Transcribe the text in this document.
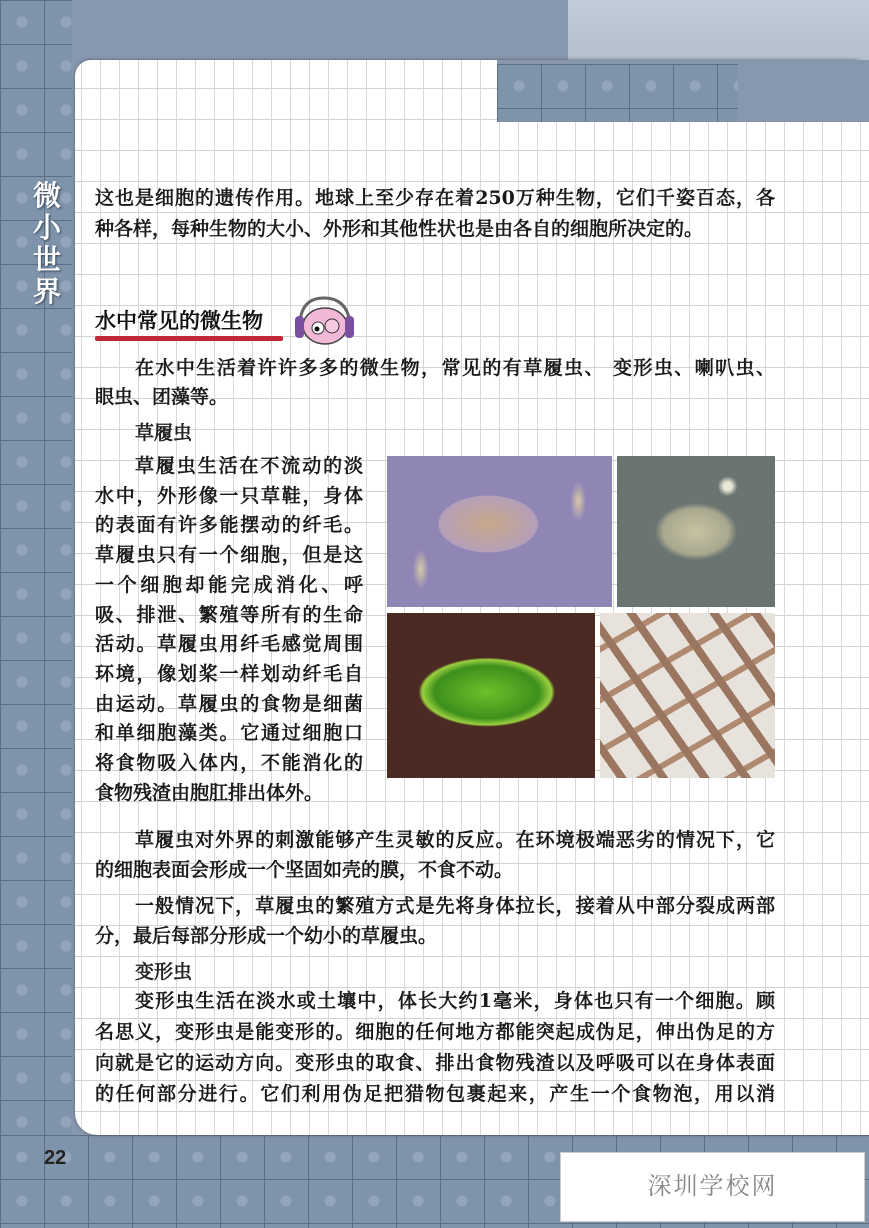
微小世界
22
深圳学校网
这也是细胞的遗传作用。地球上至少存在着250万种生物，它们千姿百态，各
种各样，每种生物的大小、外形和其他性状也是由各自的细胞所决定的。
水中常见的微生物
在水中生活着许许多多的微生物，常见的有草履虫、 变形虫、喇叭虫、
眼虫、团藻等。
草履虫
草履虫生活在不流动的淡
水中，外形像一只草鞋，身体
的表面有许多能摆动的纤毛。
草履虫只有一个细胞，但是这
一个细胞却能完成消化、呼
吸、排泄、繁殖等所有的生命
活动。草履虫用纤毛感觉周围
环境，像划桨一样划动纤毛自
由运动。草履虫的食物是细菌
和单细胞藻类。它通过细胞口
将食物吸入体内，不能消化的
食物残渣由胞肛排出体外。
草履虫对外界的刺激能够产生灵敏的反应。在环境极端恶劣的情况下，它
的细胞表面会形成一个坚固如壳的膜，不食不动。
一般情况下，草履虫的繁殖方式是先将身体拉长，接着从中部分裂成两部
分，最后每部分形成一个幼小的草履虫。
变形虫
变形虫生活在淡水或土壤中，体长大约1毫米，身体也只有一个细胞。顾
名思义，变形虫是能变形的。细胞的任何地方都能突起成伪足，伸出伪足的方
向就是它的运动方向。变形虫的取食、排出食物残渣以及呼吸可以在身体表面
的任何部分进行。它们利用伪足把猎物包裹起来，产生一个食物泡，用以消
